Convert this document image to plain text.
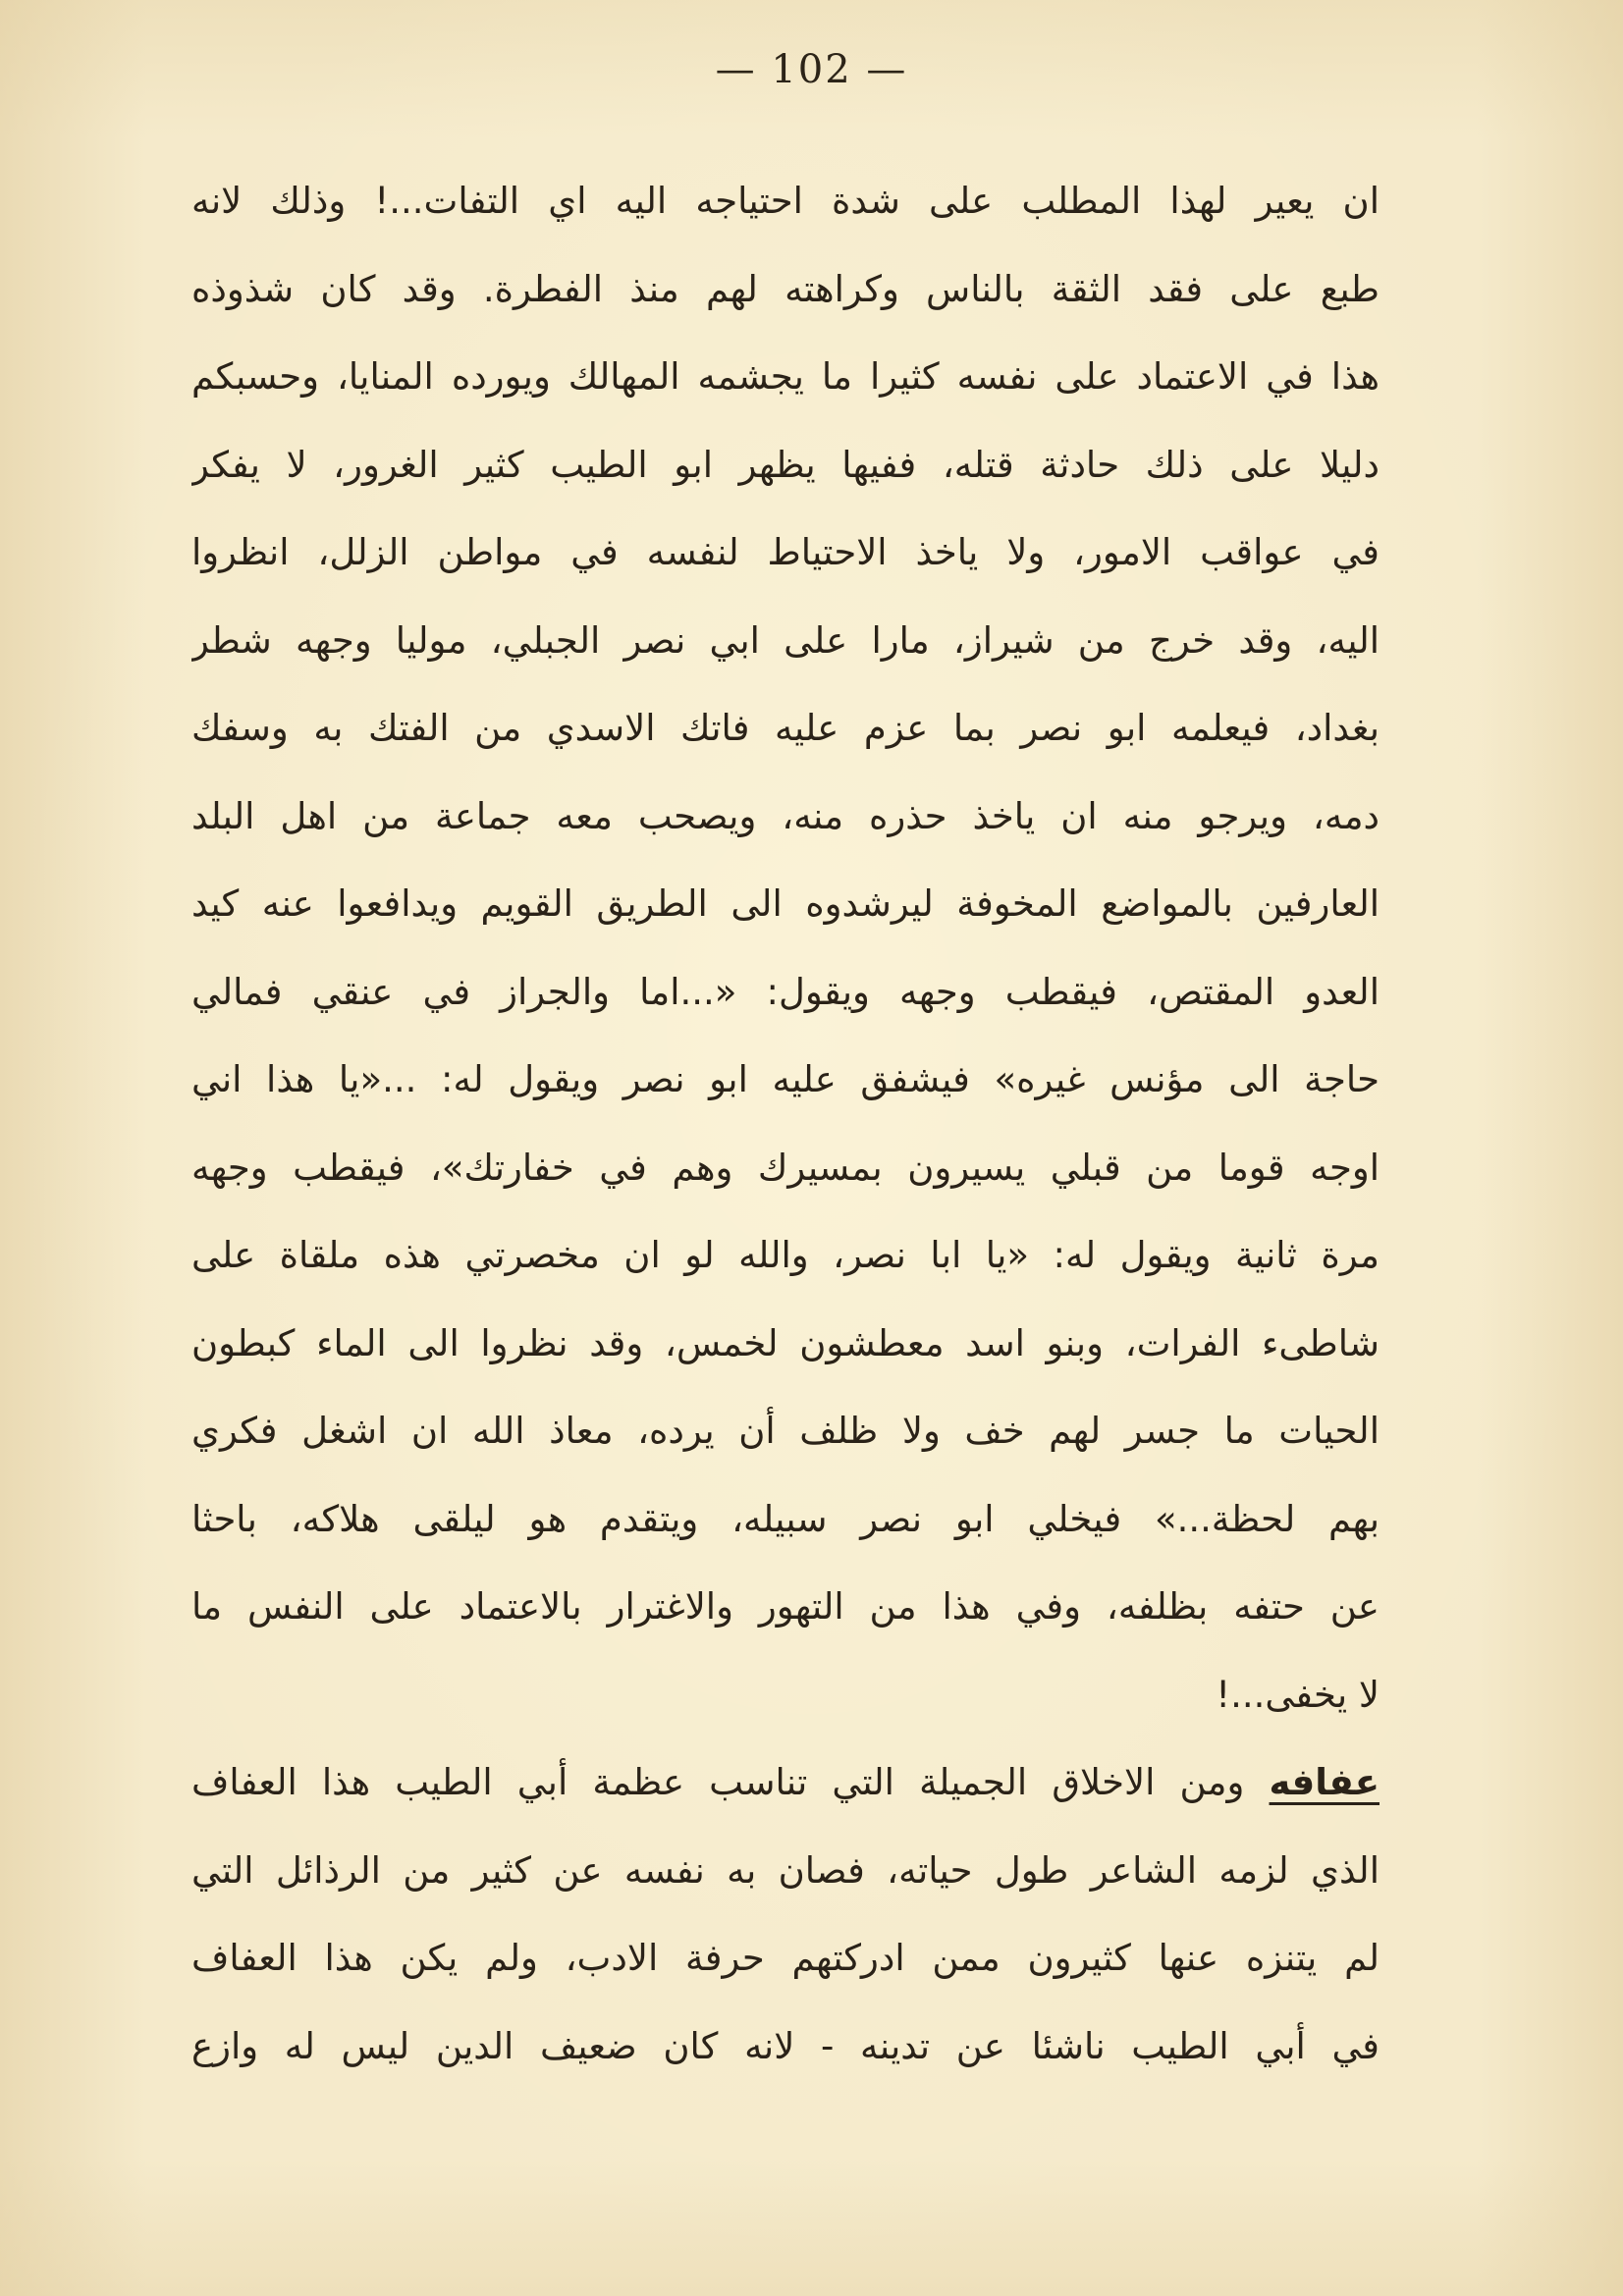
— 102 —
ان يعير لهذا المطلب على شدة احتياجه اليه اي التفات...! وذلك لانه
طبع على فقد الثقة بالناس وكراهته لهم منذ الفطرة. وقد كان شذوذه
هذا في الاعتماد على نفسه كثيرا ما يجشمه المهالك ويورده المنايا، وحسبكم
دليلا على ذلك حادثة قتله، ففيها يظهر ابو الطيب كثير الغرور، لا يفكر
في عواقب الامور، ولا ياخذ الاحتياط لنفسه في مواطن الزلل، انظروا
اليه، وقد خرج من شيراز، مارا على ابي نصر الجبلي، موليا وجهه شطر
بغداد، فيعلمه ابو نصر بما عزم عليه فاتك الاسدي من الفتك به وسفك
دمه، ويرجو منه ان ياخذ حذره منه، ويصحب معه جماعة من اهل البلد
العارفين بالمواضع المخوفة ليرشدوه الى الطريق القويم ويدافعوا عنه كيد
العدو المقتص، فيقطب وجهه ويقول: «...اما والجراز في عنقي فمالي
حاجة الى مؤنس غيره» فيشفق عليه ابو نصر ويقول له: ...«يا هذا اني
اوجه قوما من قبلي يسيرون بمسيرك وهم في خفارتك»، فيقطب وجهه
مرة ثانية ويقول له: «يا ابا نصر، والله لو ان مخصرتي هذه ملقاة على
شاطىء الفرات، وبنو اسد معطشون لخمس، وقد نظروا الى الماء كبطون
الحيات ما جسر لهم خف ولا ظلف أن يرده، معاذ الله ان اشغل فكري
بهم لحظة...» فيخلي ابو نصر سبيله، ويتقدم هو ليلقى هلاكه، باحثا
عن حتفه بظلفه، وفي هذا من التهور والاغترار بالاعتماد على النفس ما
لا يخفى...!
عفافه ومن الاخلاق الجميلة التي تناسب عظمة أبي الطيب هذا العفاف
الذي لزمه الشاعر طول حياته، فصان به نفسه عن كثير من الرذائل التي
لم يتنزه عنها كثيرون ممن ادركتهم حرفة الادب، ولم يكن هذا العفاف
في أبي الطيب ناشئا عن تدينه - لانه كان ضعيف الدين ليس له وازع
